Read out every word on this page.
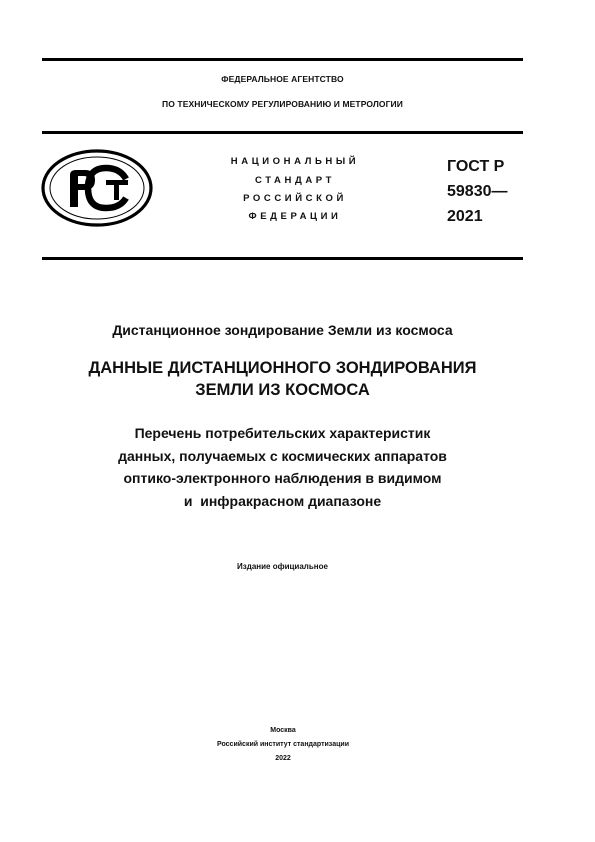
ФЕДЕРАЛЬНОЕ АГЕНТСТВО
ПО ТЕХНИЧЕСКОМУ РЕГУЛИРОВАНИЮ И МЕТРОЛОГИИ
НАЦИОНАЛЬНЫЙ
СТАНДАРТ
РОССИЙСКОЙ
ФЕДЕРАЦИИ
ГОСТ Р
59830—
2021
Дистанционное зондирование Земли из космоса
ДАННЫЕ ДИСТАНЦИОННОГО ЗОНДИРОВАНИЯ
ЗЕМЛИ ИЗ КОСМОСА
Перечень потребительских характеристик
данных, получаемых с космических аппаратов
оптико-электронного наблюдения в видимом
и  инфракрасном диапазоне
Издание официальное
Москва
Российский институт стандартизации
2022
